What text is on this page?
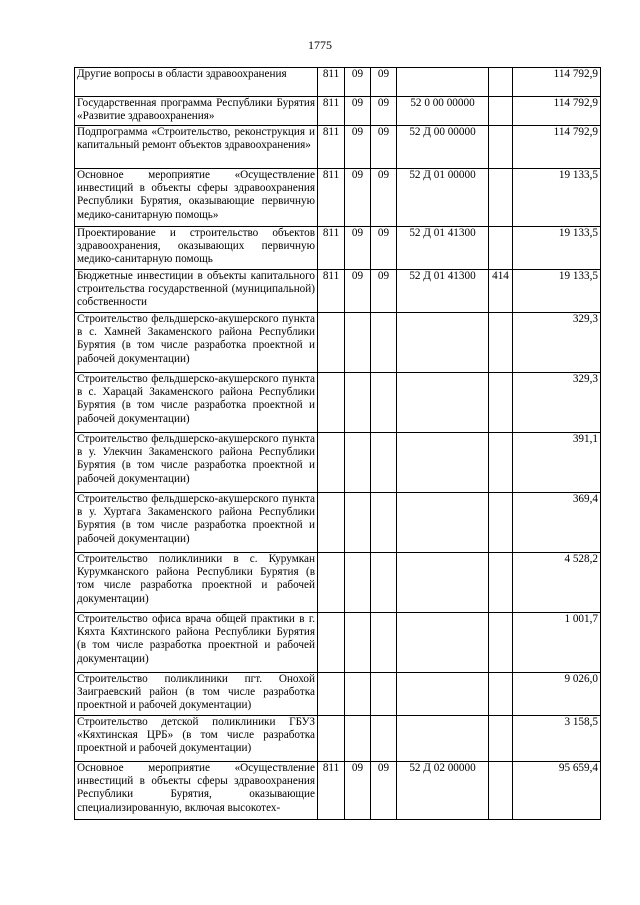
1775
Другие вопросы в области здравоохранения	811	09	09			114 792,9
Государственная программа Республики Бурятия «Развитие здравоохранения»	811	09	09	52 0 00 00000		114 792,9
Подпрограмма «Строительство, реконструкция и капитальный ремонт объектов здравоохранения»	811	09	09	52 Д 00 00000		114 792,9
Основное мероприятие «Осуществление инвестиций в объекты сферы здравоохранения Республики Бурятия, оказывающие первичную медико-санитарную помощь»	811	09	09	52 Д 01 00000		19 133,5
Проектирование и строительство объектов здравоохранения, оказывающих первичную медико-санитарную помощь	811	09	09	52 Д 01 41300		19 133,5
Бюджетные инвестиции в объекты капитального строительства государственной (муниципальной) собственности	811	09	09	52 Д 01 41300	414	19 133,5
Строительство фельдшерско-акушерского пункта в с. Хамней Закаменского района Республики Бурятия (в том числе разработка проектной и рабочей документации)						329,3
Строительство фельдшерско-акушерского пункта в с. Харацай Закаменского района Республики Бурятия (в том числе разработка проектной и рабочей документации)						329,3
Строительство фельдшерско-акушерского пункта в у. Улекчин Закаменского района Республики Бурятия (в том числе разработка проектной и рабочей документации)						391,1
Строительство фельдшерско-акушерского пункта в у. Хуртага Закаменского района Республики Бурятия (в том числе разработка проектной и рабочей документации)						369,4
Строительство поликлиники в с. Курумкан Курумканского района Республики Бурятия (в том числе разработка проектной и рабочей документации)						4 528,2
Строительство офиса врача общей практики в г. Кяхта Кяхтинского района Республики Бурятия (в том числе разработка проектной и рабочей документации)						1 001,7
Строительство поликлиники пгт. Онохой Заиграевский район (в том числе разработка проектной и рабочей документации)						9 026,0
Строительство детской поликлиники ГБУЗ «Кяхтинская ЦРБ» (в том числе разработка проектной и рабочей документации)						3 158,5
Основное мероприятие «Осуществление инвестиций в объекты сферы здравоохранения Республики Бурятия, оказывающие специализированную, включая высокотех-	811	09	09	52 Д 02 00000		95 659,4
